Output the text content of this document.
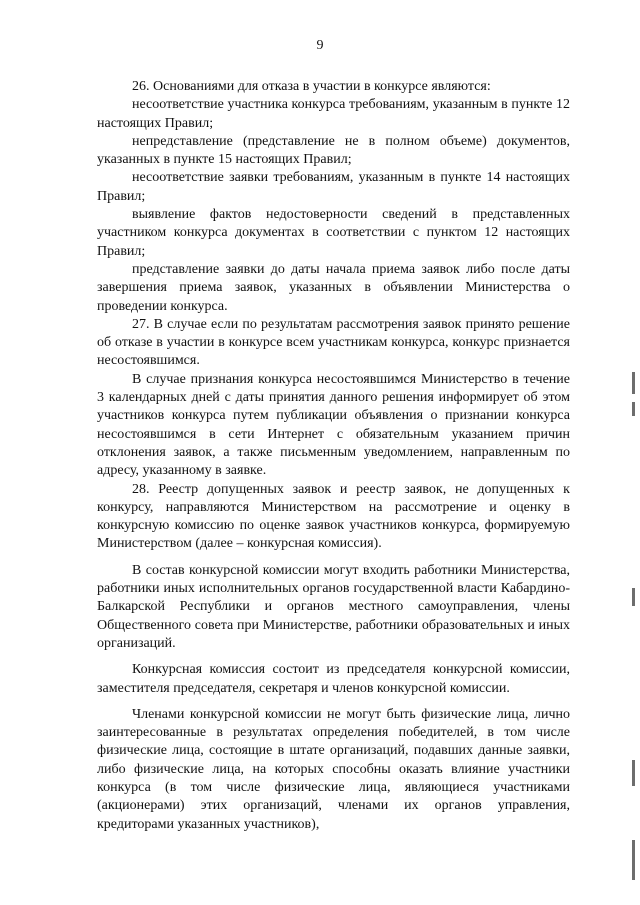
9

26. Основаниями для отказа в участии в конкурсе являются:

несоответствие участника конкурса требованиям, указанным в пункте 12 настоящих Правил;

непредставление (представление не в полном объеме) документов, указанных в пункте 15 настоящих Правил;

несоответствие заявки требованиям, указанным в пункте 14 настоящих Правил;

выявление фактов недостоверности сведений в представленных участником конкурса документах в соответствии с пунктом 12 настоящих Правил;

представление заявки до даты начала приема заявок либо после даты завершения приема заявок, указанных в объявлении Министерства о проведении конкурса.

27. В случае если по результатам рассмотрения заявок принято решение об отказе в участии в конкурсе всем участникам конкурса, конкурс признается несостоявшимся.

В случае признания конкурса несостоявшимся Министерство в течение 3 календарных дней с даты принятия данного решения информирует об этом участников конкурса путем публикации объявления о признании конкурса несостоявшимся в сети Интернет с обязательным указанием причин отклонения заявок, а также письменным уведомлением, направленным по адресу, указанному в заявке.

28. Реестр допущенных заявок и реестр заявок, не допущенных к конкурсу, направляются Министерством на рассмотрение и оценку в конкурсную комиссию по оценке заявок участников конкурса, формируемую Министерством (далее – конкурсная комиссия).

В состав конкурсной комиссии могут входить работники Министерства, работники иных исполнительных органов государственной власти Кабардино-Балкарской Республики и органов местного самоуправления, члены Общественного совета при Министерстве, работники образовательных и иных организаций.

Конкурсная комиссия состоит из председателя конкурсной комиссии, заместителя председателя, секретаря и членов конкурсной комиссии.

Членами конкурсной комиссии не могут быть физические лица, лично заинтересованные в результатах определения победителей, в том числе физические лица, состоящие в штате организаций, подавших данные заявки, либо физические лица, на которых способны оказать влияние участники конкурса (в том числе физические лица, являющиеся участниками (акционерами) этих организаций, членами их органов управления, кредиторами указанных участников),
